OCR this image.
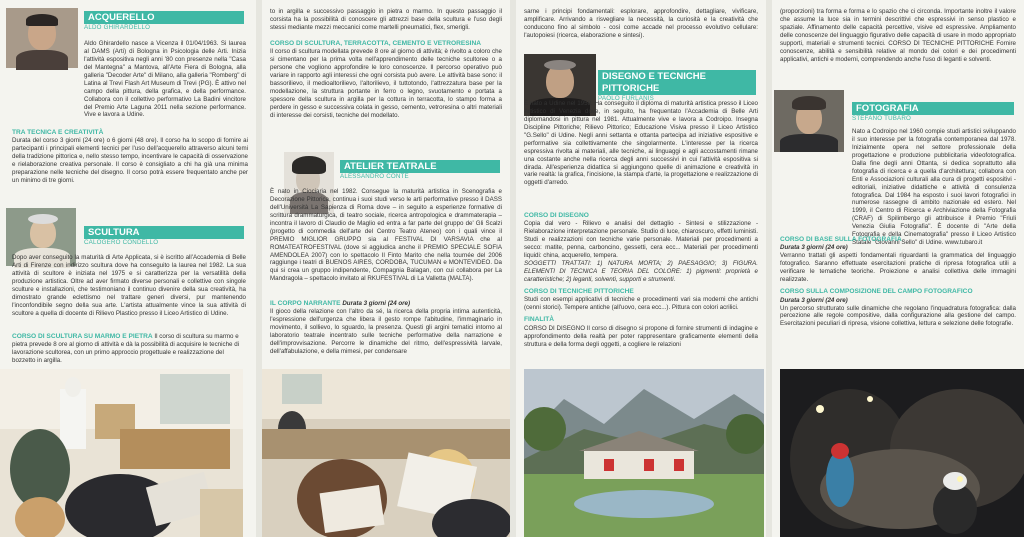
ACQUERELLO
ALDO GHIRARDELLO

Aldo Ghirardello nasce a Vicenza il 01/04/1963. Si laurea al DAMS (Arti) di Bologna in Psicologia delle Arti. Inizia l'attività espositiva negli anni '80 con presenze nella "Casa del Mantegna" a Mantova, all'Arte Fiera di Bologna, alla galleria "Decoder Arte" di Milano, alla galleria "Romberg" di Latina al Trevi Flash Art Museum di Trevi (PG). È attivo nel campo della pittura, della grafica, e della performance. Collabora con il collettivo performativo La Badini vincitore del Premio Arte Laguna 2011 nella sezione performance. Vive e lavora a Udine.

TRA TECNICA E CREATIVITÀ

Durata del corso 3 giorni (24 ore) o 6 giorni (48 ore). Il corso ha lo scopo di fornire ai partecipanti i principali elementi tecnici per l'uso dell'acquerello attraverso alcuni temi della tradizione pittorica e, nello stesso tempo, incentivare le capacità di osservazione e rielaborazione creativa personale. Il corso è consigliato a chi ha già una minima preparazione nelle tecniche del disegno. Il corso potrà essere frequentato anche per un minimo di tre giorni.

SCULTURA
CALOGERO CONDELLO

Dopo aver conseguito la maturità di Arte Applicata, si è iscritto all'Accademia di Belle Arti di Firenze con indirizzo scultura dove ha conseguito la laurea nel 1982. La sua attività di scultore è iniziata nel 1975 e si caratterizza per la versatilità della produzione artistica. Oltre ad aver firmato diverse personali e collettive con singole sculture e installazioni, che testimoniano il continuo divenire della sua creatività, ha dimostrato grande eclettismo nel trattare generi diversi, pur mantenendo l'inconfondibile segno della sua arte. L'artista attualmente vince la sua attività di scultore a quella di docente di Rilievo Plastico presso il Liceo Artistico di Udine.

CORSO DI SCULTURA SU MARMO E PIETRA Il corso di scultura su marmo e pietra prevede 8 ore al giorno di attività e dà la possibilità di acquisire le tecniche di lavorazione scultorea, con un primo approccio progettuale e realizzazione del bozzetto in argilla.

to in argilla e successivo passaggio in pietra o marmo. In questo passaggio il corsista ha la possibilità di conoscere gli attrezzi base della scultura e l'uso degli stessi mediante mezzi meccanici come martelli pneumatici, flex, smerigli.

CORSO DI SCULTURA, TERRACOTTA, CEMENTO E VETRORESINA

Il corso di scultura modellata prevede 8 ore al giorno di attività; è rivolto a coloro che si cimentano per la prima volta nell'apprendimento delle tecniche scultoree o a persone che vogliono approfondire le loro conoscenze. Il percorso operativo può variare in rapporto agli interessi che ogni corsista può avere. Le attività base sono: il bassorilievo, il medioaltorilievo, l'altorilievo, il tuttotondo, l'attrezzatura base per la modellazione, la struttura portante in ferro o legno, svuotamento e portata a spessore della scultura in argilla per la cottura in terracotta, lo stampo forma a perdere in gesso e successiva colata in gesso, cemento, vetroresina o altri materiali di interesse dei corsisti, tecniche del modellato.

ATELIER TEATRALE
ALESSANDRO CONTE

È nato in Ciociaria nel 1982. Consegue la maturità artistica in Scenografia e Decorazione Pittorica, continua i suoi studi verso le arti performative presso il DASS dell'Università La Sapienza di Roma dove – in seguito a esperienze formative di scrittura drammaturgica, di teatro sociale, ricerca antropologica e drammaterapia – incontra il lavoro di Claudio de Maglio ed entra a far parte del gruppo de' Gli Scalzi (progetto di commedia dell'arte del Centro Teatro Ateneo) con i quali vince il PREMIO MIGLIOR GRUPPO sia al FESTIVAL DI VARSAVIA che al ROMATEATROFESTIVAL (dove si aggiudica anche il PREMIO SPECIALE SOFIA AMENDOLEA 2007) con lo spettacolo Il Finto Marito che nella tournée del 2006 raggiunge i teatri di BUENOS AIRES, CORDOBA, TUCUMAN e MONTEVIDEO. Da qui si crea un gruppo indipendente, Compagnia Balagan, con cui collabora per La Mandragola – spettacolo invitato al RKUFESTIVAL di La Valletta (MALTA).

IL CORPO NARRANTE Durata 3 giorni (24 ore)

Il gioco della relazione con l'altro da sé, la ricerca della propria intima autenticità, l'espressione dell'urgenza che libera il gesto rompe l'abitudine, l'immaginario in movimento, il sollievo, lo sguardo, la presenza. Questi gli argini tematici intorno al laboratorio teatrale incentrato sulle tecniche performative della narrazione e dell'improvvisazione. Percorre le dinamiche del ritmo, dell'espressività larvale, dell'affabulazione, e della mimesi, per condensare

sarne i principi fondamentali: esplorare, approfondire, dettagliare, vivificare, amplificare. Arrivando a risvegliare la necessità, la curiosità e la creatività che conducono fino al simbolo - così come accade nel processo evolutivo cellulare: l'autopoiesi (ricerca, elaborazione e sintesi).

DISEGNO E TECNICHE PITTORICHE
PAOLO FURLANIS

È nato a Udine nel 1958. Ha conseguito il diploma di maturità artistica presso il Liceo Artistico di Venezia dove, in seguito, ha frequentato l'Accademia di Belle Arti diplomandosi in pittura nel 1981. Attualmente vive e lavora a Codroipo. Insegna Discipline Pittoriche; Rilievo Pittorico; Educazione Visiva presso il Liceo Artistico "G.Sello" di Udine. Negli anni settanta e ottanta partecipa ad iniziative espositive e performative sia collettivamente che singolarmente. L'interesse per la ricerca espressiva rivolta ai materiali, alle tecniche, ai linguaggi e agli accostamenti rimane una costante anche nella ricerca degli anni successivi in cui l'attività espositiva si dirada. All'esperienza didattica si aggiungono quelle di animazione e creatività in varie realtà: la grafica, l'incisione, la stampa d'arte, la progettazione e realizzazione di oggetti d'arredo.

CORSO DI DISEGNO

Copia dal vero - Rilievo e analisi del dettaglio - Sintesi e stilizzazione - Rielaborazione interpretazione personale. Studio di luce, chiaroscuro, effetti luministi. Studi e realizzazioni con tecniche varie personale. Materiali per procedimenti a secco: matite, penna, carboncino, gessetti, cera ecc... Materiali per procedimenti liquidi: china, acquerello, tempera.

SOGGETTI TRATTATI: 1) NATURA MORTA; 2) PAESAGGIO; 3) FIGURA. ELEMENTI DI TECNICA E TEORIA DEL COLORE: 1) pigmenti: proprietà e caratteristiche; 2) leganti, solventi, supporti e strumenti.

CORSO DI TECNICHE PITTORICHE

Studi con esempi applicativi di tecniche e procedimenti vari sia moderni che antichi (cenni storici). Tempere antiche (all'uovo, cera ecc...). Pittura con colori acrilici.

FINALITÀ

CORSO DI DISEGNO Il corso di disegno si propone di fornire strumenti di indagine e approfondimento della realtà per poter rappresentare graficamente elementi della struttura e della forma degli oggetti, a cogliere le relazioni

(proporzioni) tra forma e forma e lo spazio che ci circonda. Importante inoltre il valore che assume la luce sia in termini descrittivi che espressivi in senso plastico e spaziale. Affinamento delle capacità percettive, visive ed espressive. Ampliamento delle conoscenze del linguaggio figurativo delle capacità di usare in modo appropriato supporti, materiali e strumenti tecnici. CORSO DI TECNICHE PITTORICHE Fornire conoscenze, abilità e sensibilità relative al mondo dei colori e dei procedimenti applicativi, antichi e moderni, comprendendo anche l'uso di leganti e solventi.

FOTOGRAFIA
STEFANO TUBARO

Nato a Codroipo nel 1960 compie studi artistici sviluppando il suo interesse per la fotografia contemporanea dal 1978. Inizialmente opera nel settore professionale della progettazione e produzione pubblicitaria videofotografica. Dalla fine degli anni Ottanta, si dedica soprattutto alla fotografia di ricerca e a quella d'architettura; collabora con Enti e Associazioni culturali alla cura di progetti espositivi - editoriali, iniziative didattiche e attività di consulenza fotografica. Dal 1984 ha esposto i suoi lavori fotografici in numerose rassegne di ambito nazionale ed estero. Nel 1999, il Centro di Ricerca e Archiviazione della Fotografia (CRAF) di Spilimbergo gli attribuisce il Premio "Friuli Venezia Giulia Fotografia". È docente di "Arte della Fotografia e della Cinematografia" presso il Liceo Artistico Statale "Giovanni Sello" di Udine. www.tubaro.it

CORSO DI BASE SULLA FOTOGRAFIA
Durata 3 giorni (24 ore)

Verranno trattati gli aspetti fondamentali riguardanti la grammatica del linguaggio fotografico. Saranno effettuate esercitazioni pratiche di ripresa fotografica utili a verificare le tematiche teoriche. Proiezione e analisi collettiva delle immagini realizzate.

CORSO SULLA COMPOSIZIONE DEL CAMPO FOTOGRAFICO
Durata 3 giorni (24 ore)

Un percorso strutturato sulle dinamiche che regolano l'inquadratura fotografica: dalla percezione alle regole compositive, dalla configurazione alla gestione del campo. Esercitazioni peculiari di ripresa, visione collettiva, lettura e selezione delle fotografie.
